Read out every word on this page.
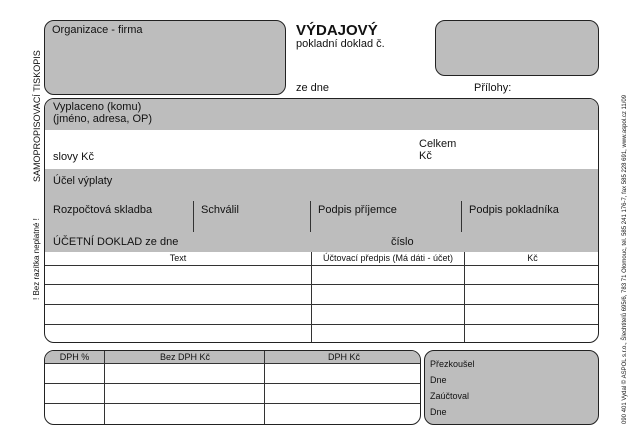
SAMOPROPISOVACÍ TISKOPIS
! Bez razítka neplatné !	090 401 Vydal © ASPOL s.r.o., Šlechtitelů 695/6, 783 71 Olomouc, tel. 585 241 176-7, fax 585 228 691, www.aspol.cz 11/09
Organizace - firma	VÝDAJOVÝ
pokladní doklad č.
ze dne	Přílohy:
Vyplaceno (komu)
(jméno, adresa, OP)
slovy Kč
Celkem
Kč
Účel výplaty
Rozpočtová skladba	Schválil	Podpis příjemce	Podpis pokladníka
ÚČETNÍ DOKLAD ze dne	číslo
Text	Účtovací předpis (Má dáti - účet)	Kč
DPH %	Bez DPH Kč	DPH Kč
Přezkoušel
Dne
Zaúčtoval
Dne
